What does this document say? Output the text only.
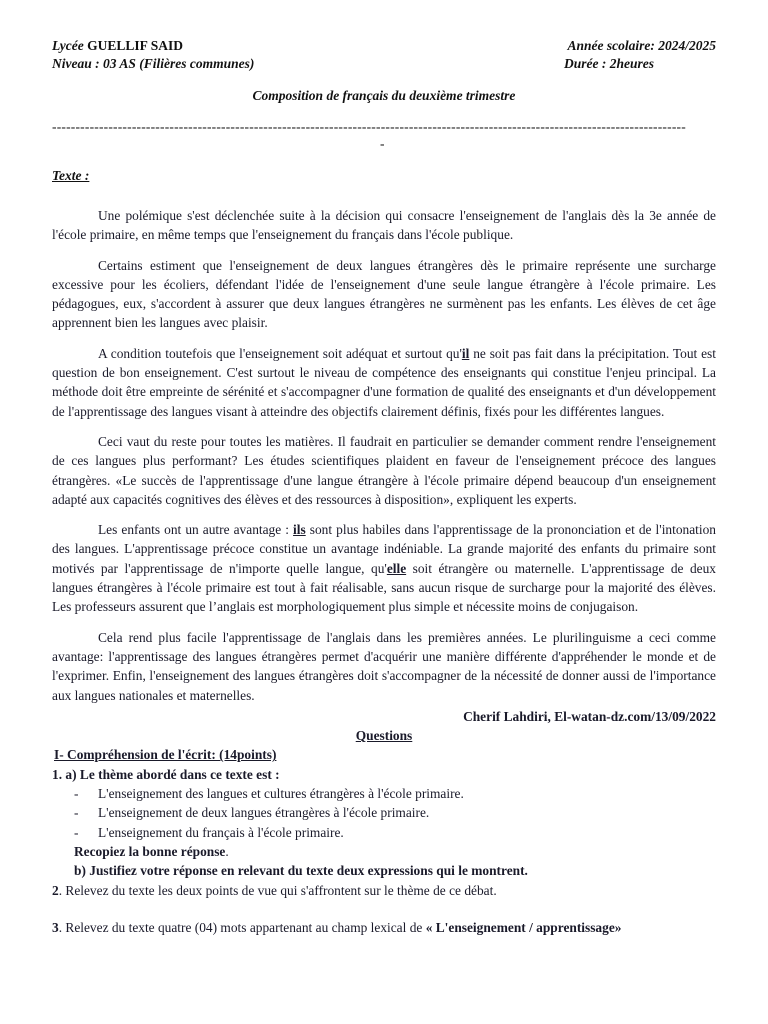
Lycée GUELLIF SAID	Année scolaire: 2024/2025
Niveau : 03 AS (Filières communes)	Durée : 2heures
Composition de français du deuxième trimestre
---------------------------------------------------------------------------------------------------------------------------------------
-
Texte :

Une polémique s'est déclenchée suite à la décision qui consacre l'enseignement de l'anglais dès la 3e année de l'école primaire, en même temps que l'enseignement du français dans l'école publique.

Certains estiment que l'enseignement de deux langues étrangères dès le primaire représente une surcharge excessive pour les écoliers, défendant l'idée de l'enseignement d'une seule langue étrangère à l'école primaire. Les pédagogues, eux, s'accordent à assurer que deux langues étrangères ne surmènent pas les enfants. Les élèves de cet âge apprennent bien les langues avec plaisir.

A condition toutefois que l'enseignement soit adéquat et surtout qu'il ne soit pas fait dans la précipitation. Tout est question de bon enseignement. C'est surtout le niveau de compétence des enseignants qui constitue l'enjeu principal. La méthode doit être empreinte de sérénité et s'accompagner d'une formation de qualité des enseignants et d'un développement de l'apprentissage des langues visant à atteindre des objectifs clairement définis, fixés pour les différentes langues.

Ceci vaut du reste pour toutes les matières. Il faudrait en particulier se demander comment rendre l'enseignement de ces langues plus performant? Les études scientifiques plaident en faveur de l'enseignement précoce des langues étrangères. «Le succès de l'apprentissage d'une langue étrangère à l'école primaire dépend beaucoup d'un enseignement adapté aux capacités cognitives des élèves et des ressources à disposition», expliquent les experts.

Les enfants ont un autre avantage : ils sont plus habiles dans l'apprentissage de la prononciation et de l'intonation des langues. L'apprentissage précoce constitue un avantage indéniable. La grande majorité des enfants du primaire sont motivés par l'apprentissage de n'importe quelle langue, qu'elle soit étrangère ou maternelle. L'apprentissage de deux langues étrangères à l'école primaire est tout à fait réalisable, sans aucun risque de surcharge pour la majorité des élèves. Les professeurs assurent que l’anglais est morphologiquement plus simple et nécessite moins de conjugaison.

Cela rend plus facile l'apprentissage de l'anglais dans les premières années. Le plurilinguisme a ceci comme avantage: l'apprentissage des langues étrangères permet d'acquérir une manière différente d'appréhender le monde et de l'exprimer. Enfin, l'enseignement des langues étrangères doit s'accompagner de la nécessité de donner aussi de l'importance aux langues nationales et maternelles.

Cherif Lahdiri, El-watan-dz.com/13/09/2022

Questions

I- Compréhension de l'écrit: (14points)

1. a) Le thème abordé dans ce texte est :

- L'enseignement des langues et cultures étrangères à l'école primaire.
- L'enseignement de deux langues étrangères à l'école primaire.
- L'enseignement du français à l'école primaire.

Recopiez la bonne réponse.

b) Justifiez votre réponse en relevant du texte deux expressions qui le montrent.

2. Relevez du texte les deux points de vue qui s'affrontent sur le thème de ce débat.

3. Relevez du texte quatre (04) mots appartenant au champ lexical de « L'enseignement / apprentissage»
